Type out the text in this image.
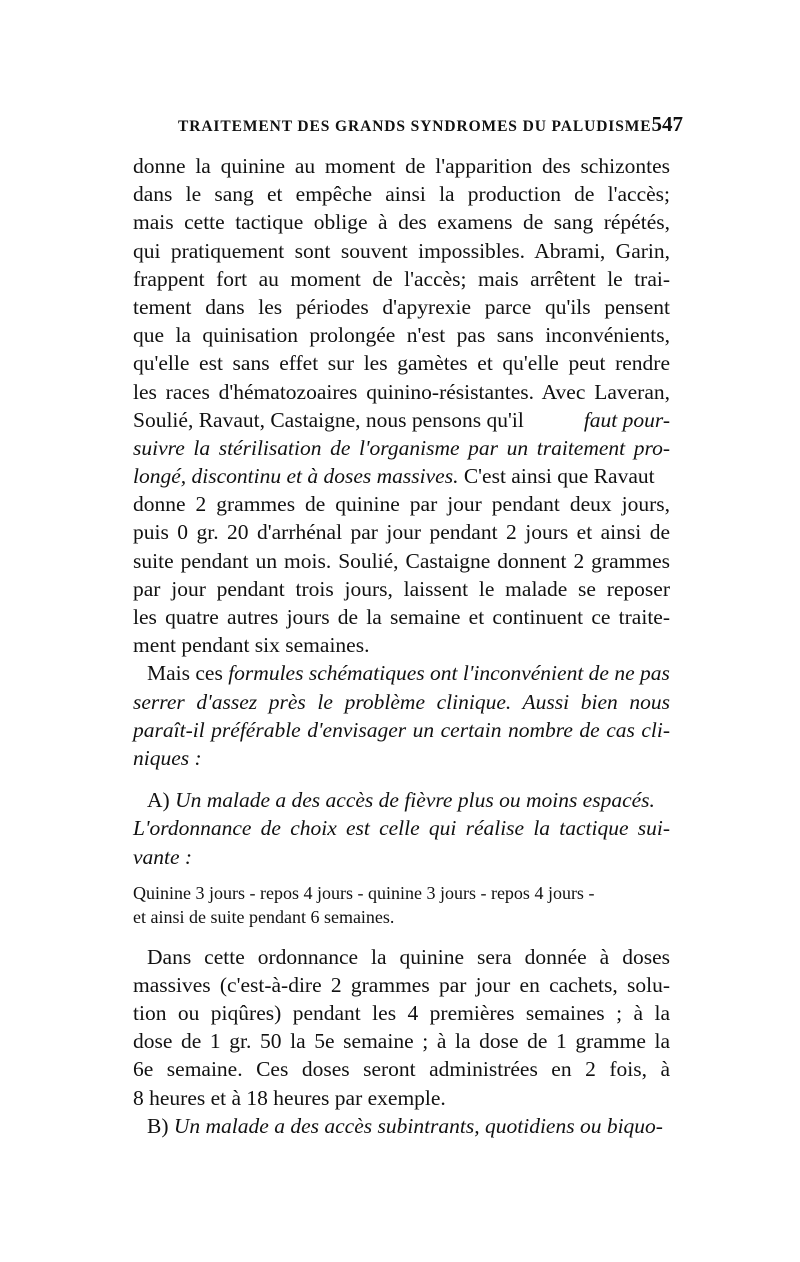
TRAITEMENT DES GRANDS SYNDROMES DU PALUDISME 547
donne la quinine au moment de l'apparition des schizontes
dans le sang et empêche ainsi la production de l'accès;
mais cette tactique oblige à des examens de sang répétés,
qui pratiquement sont souvent impossibles. Abrami, Garin,
frappent fort au moment de l'accès; mais arrêtent le trai-
tement dans les périodes d'apyrexie parce qu'ils pensent
que la quinisation prolongée n'est pas sans inconvénients,
qu'elle est sans effet sur les gamètes et qu'elle peut rendre
les races d'hématozoaires quinino-résistantes. Avec Laveran,
Soulié, Ravaut, Castaigne, nous pensons qu'il	faut pour-
suivre la stérilisation de l'organisme par un traitement pro-
longé, discontinu et à doses massives. C'est ainsi que Ravaut
donne 2 grammes de quinine par jour pendant deux jours,
puis 0 gr. 20 d'arrhénal par jour pendant 2 jours et ainsi de
suite pendant un mois. Soulié, Castaigne donnent 2 grammes
par jour pendant trois jours, laissent le malade se reposer
les quatre autres jours de la semaine et continuent ce traite-
ment pendant six semaines.
Mais ces formules schématiques ont l'inconvénient de ne pas
serrer d'assez près le problème clinique. Aussi bien nous
paraît-il préférable d'envisager un certain nombre de cas cli-
niques :
A) Un malade a des accès de fièvre plus ou moins espacés.
L'ordonnance de choix est celle qui réalise la tactique sui-
vante :
Quinine 3 jours - repos 4 jours - quinine 3 jours - repos 4 jours -
et ainsi de suite pendant 6 semaines.
Dans cette ordonnance la quinine sera donnée à doses
massives (c'est-à-dire 2 grammes par jour en cachets, solu-
tion ou piqûres) pendant les 4 premières semaines ; à la
dose de 1 gr. 50 la 5e semaine ; à la dose de 1 gramme la
6e semaine. Ces doses seront administrées en 2 fois, à
8 heures et à 18 heures par exemple.
B) Un malade a des accès subintrants, quotidiens ou biquo-
